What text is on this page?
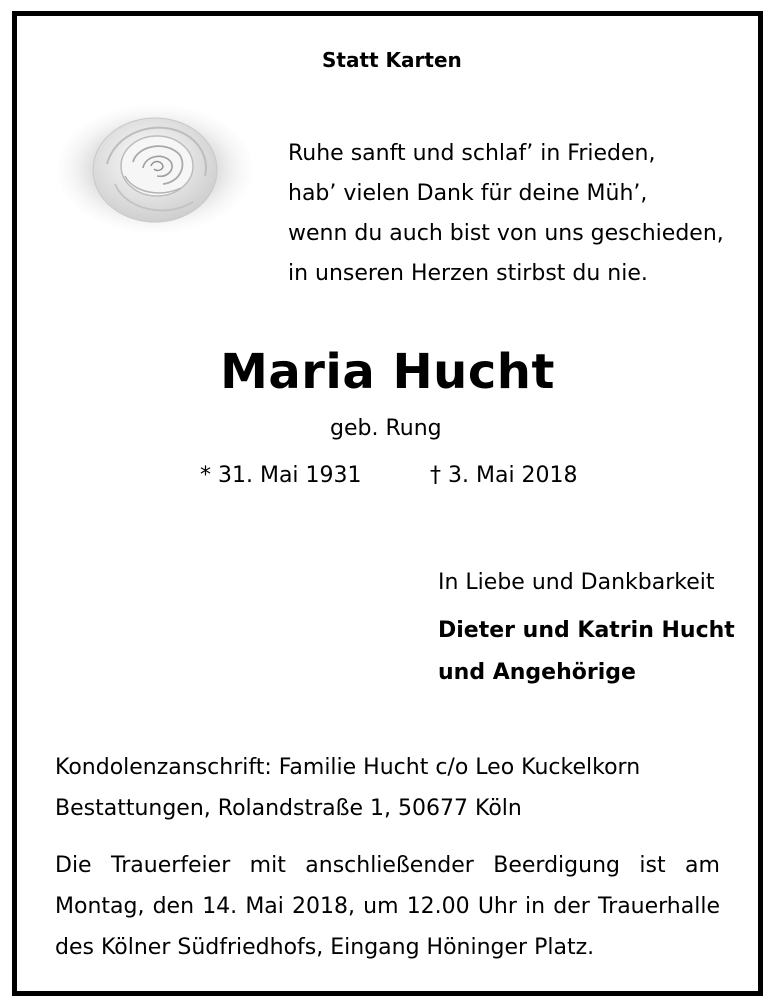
Statt Karten
Ruhe sanft und schlaf’ in Frieden,
hab’ vielen Dank für deine Müh’,
wenn du auch bist von uns geschieden,
in unseren Herzen stirbst du nie.
Maria Hucht
geb. Rung
* 31. Mai 1931	† 3. Mai 2018
In Liebe und Dankbarkeit
Dieter und Katrin Hucht
und Angehörige
Kondolenzanschrift: Familie Hucht c/o Leo Kuckelkorn
Bestattungen, Rolandstraße 1, 50677 Köln
Die Trauerfeier mit anschließender Beerdigung ist am
Montag, den 14. Mai 2018, um 12.00 Uhr in der Trauerhalle
des Kölner Südfriedhofs, Eingang Höninger Platz.
